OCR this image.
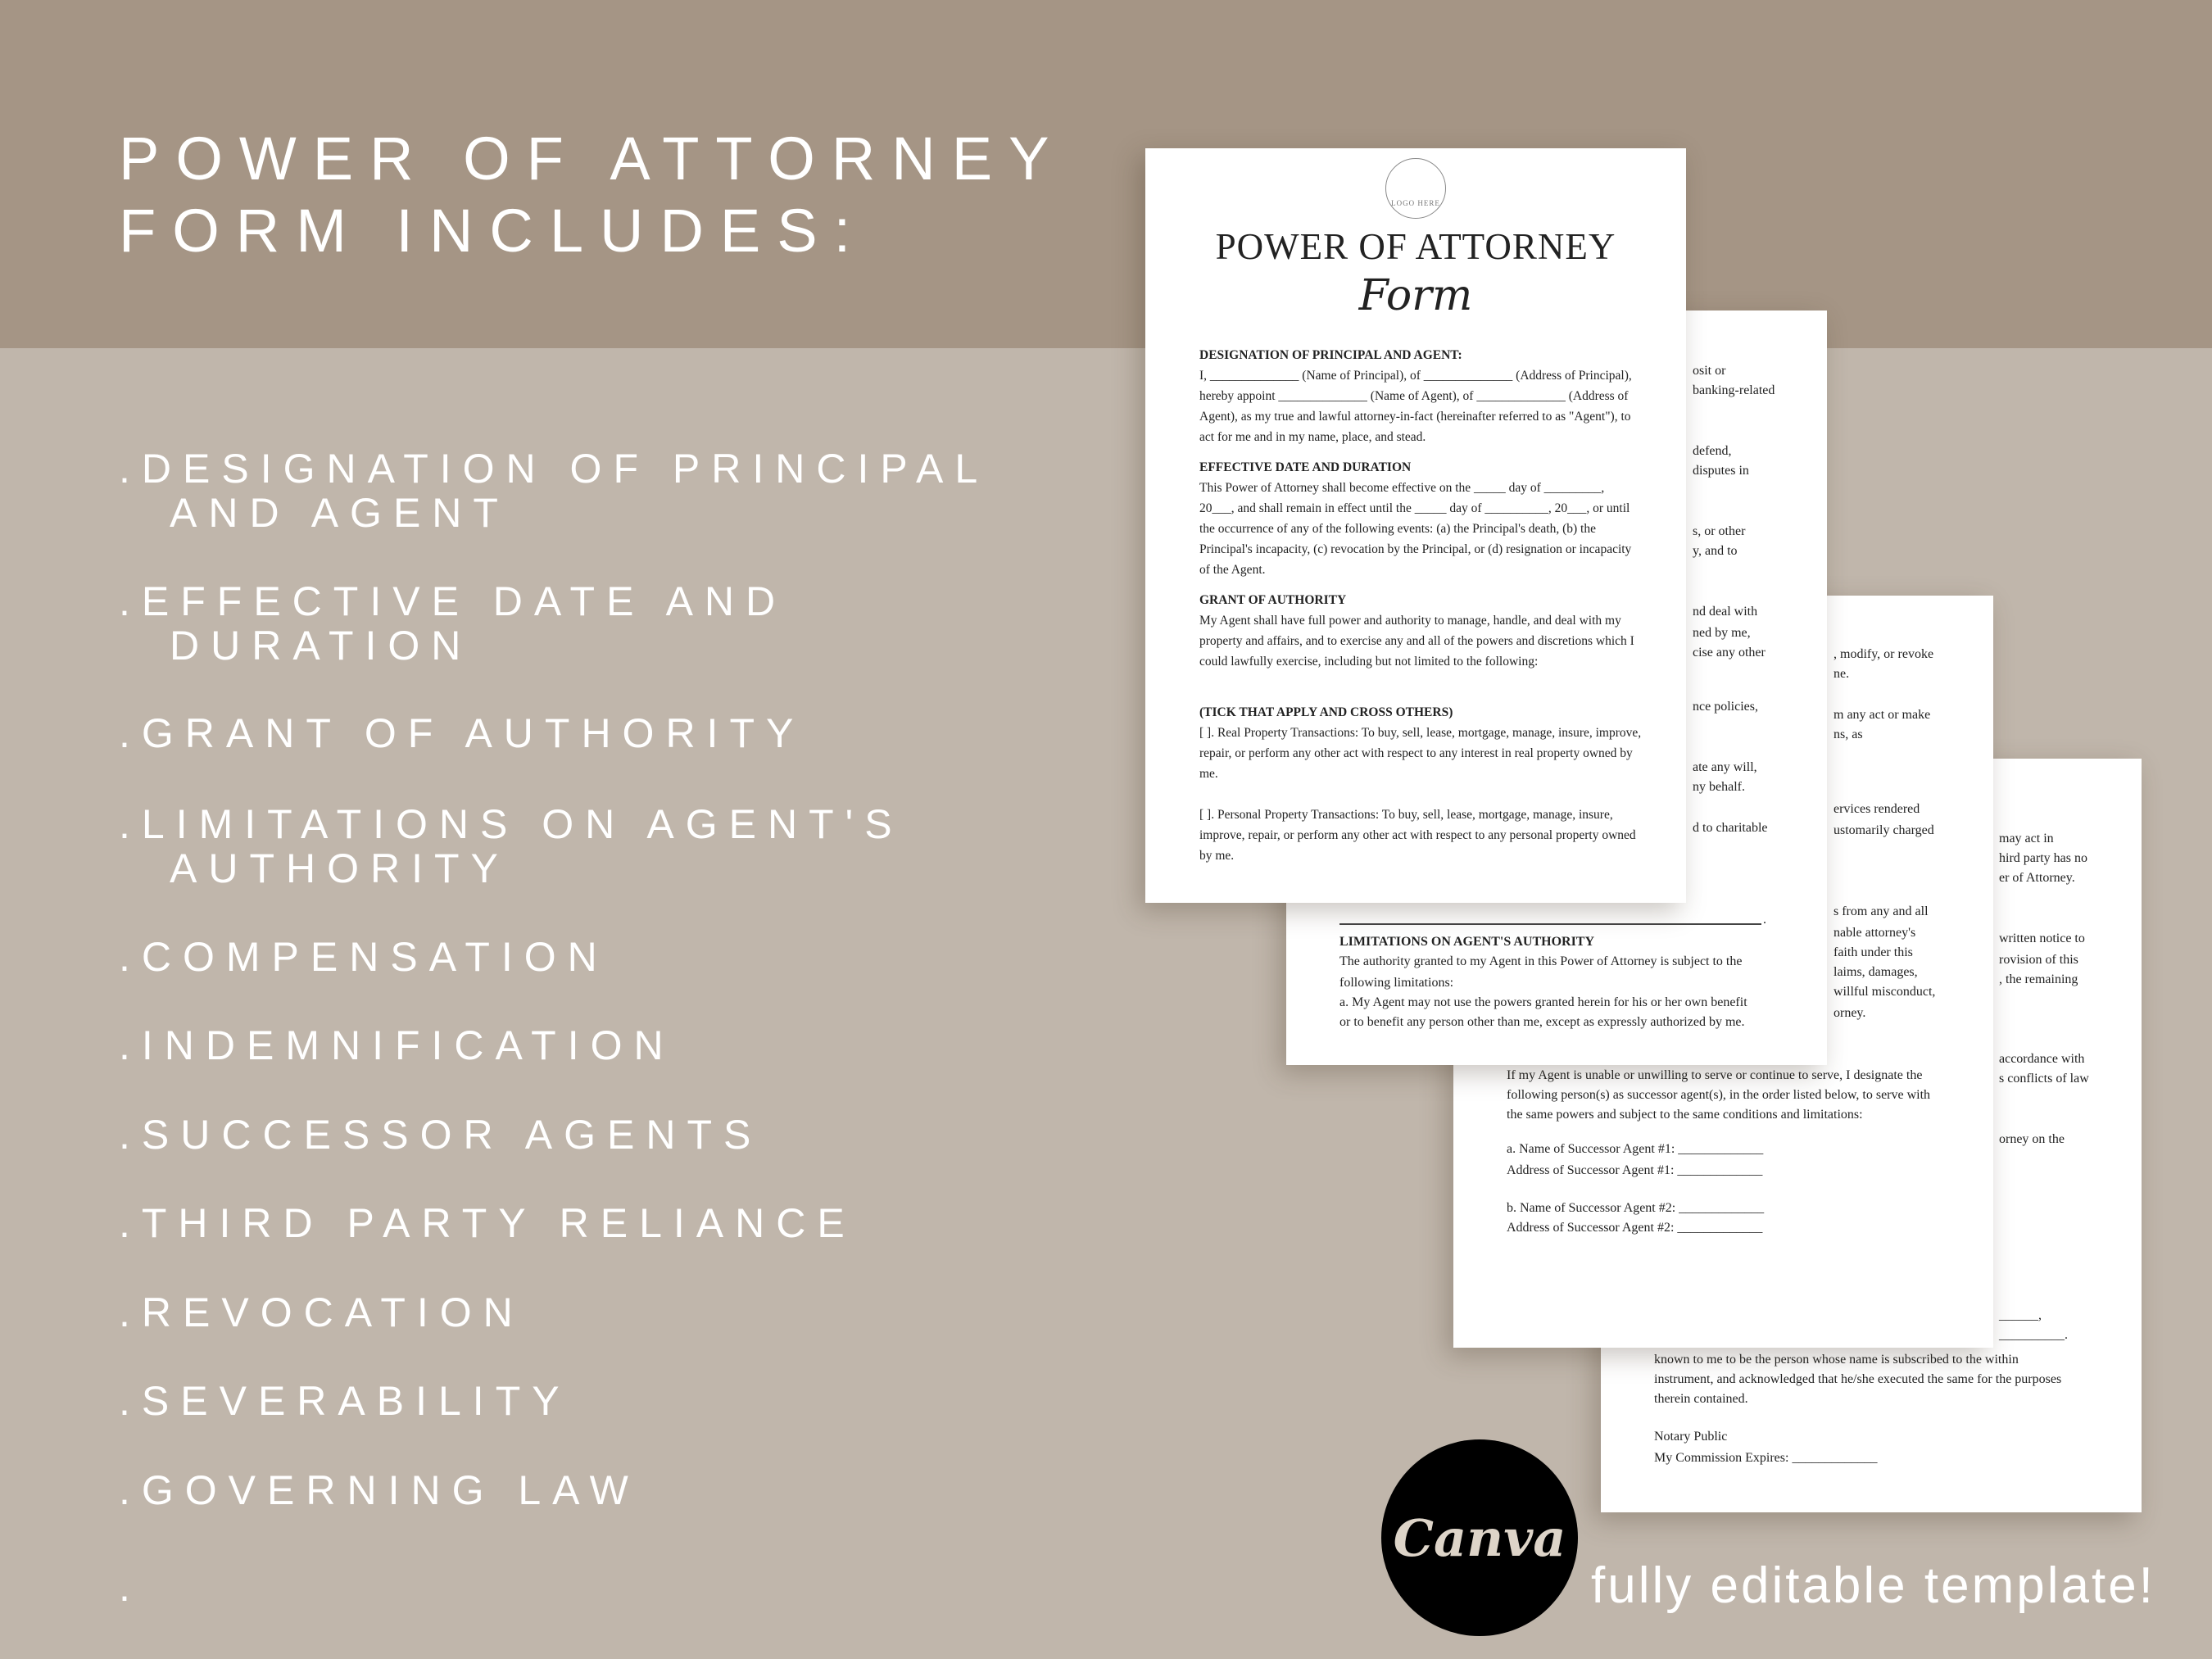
POWER OF ATTORNEY
FORM INCLUDES:
.DESIGNATION OF PRINCIPAL
AND AGENT
.EFFECTIVE DATE AND
DURATION
.GRANT OF AUTHORITY
.LIMITATIONS ON AGENT'S
AUTHORITY
.COMPENSATION
.INDEMNIFICATION
.SUCCESSOR AGENTS
.THIRD PARTY RELIANCE
.REVOCATION
.SEVERABILITY
.GOVERNING LAW
.
LOGO HERE
POWER OF ATTORNEY
Form
DESIGNATION OF PRINCIPAL AND AGENT:

I, ______________ (Name of Principal), of ______________ (Address of Principal), hereby appoint ______________ (Name of Agent), of ______________ (Address of Agent), as my true and lawful attorney-in-fact (hereinafter referred to as "Agent"), to act for me and in my name, place, and stead.

EFFECTIVE DATE AND DURATION

This Power of Attorney shall become effective on the _____ day of _________, 20___, and shall remain in effect until the _____ day of __________, 20___, or until the occurrence of any of the following events: (a) the Principal's death, (b) the Principal's incapacity, (c) revocation by the Principal, or (d) resignation or incapacity of the Agent.

GRANT OF AUTHORITY

My Agent shall have full power and authority to manage, handle, and deal with my property and affairs, and to exercise any and all of the powers and discretions which I could lawfully exercise, including but not limited to the following:

(TICK THAT APPLY AND CROSS OTHERS)

[ ]. Real Property Transactions: To buy, sell, lease, mortgage, manage, insure, improve, repair, or perform any other act with respect to any interest in real property owned by me.

[ ]. Personal Property Transactions: To buy, sell, lease, mortgage, manage, insure, improve, repair, or perform any other act with respect to any personal property owned by me.

.
LIMITATIONS ON AGENT'S AUTHORITY
osit or
banking-related
defend,
disputes in
s, or other
y, and to
nd deal with
ned by me,
cise any other
nce policies,
ate any will,
ny behalf.
d to charitable
The authority granted to my Agent in this Power of Attorney is subject to the
following limitations:
a. My Agent may not use the powers granted herein for his or her own benefit
or to benefit any person other than me, except as expressly authorized by me.
, modify, or revoke
ne.
m any act or make
ns, as
ervices rendered
ustomarily charged
s from any and all
nable attorney's
faith under this
laims, damages,
willful misconduct,
orney.
If my Agent is unable or unwilling to serve or continue to serve, I designate the
following person(s) as successor agent(s), in the order listed below, to serve with
the same powers and subject to the same conditions and limitations:
a. Name of Successor Agent #1: _____________
Address of Successor Agent #1: _____________
b. Name of Successor Agent #2: _____________
Address of Successor Agent #2: _____________
may act in
hird party has no
er of Attorney.
written notice to
rovision of this
, the remaining
accordance with
s conflicts of law
orney on the
______,
__________.
known to me to be the person whose name is subscribed to the within
instrument, and acknowledged that he/she executed the same for the purposes
therein contained.
Notary Public
My Commission Expires: _____________
Canva
fully editable template!
